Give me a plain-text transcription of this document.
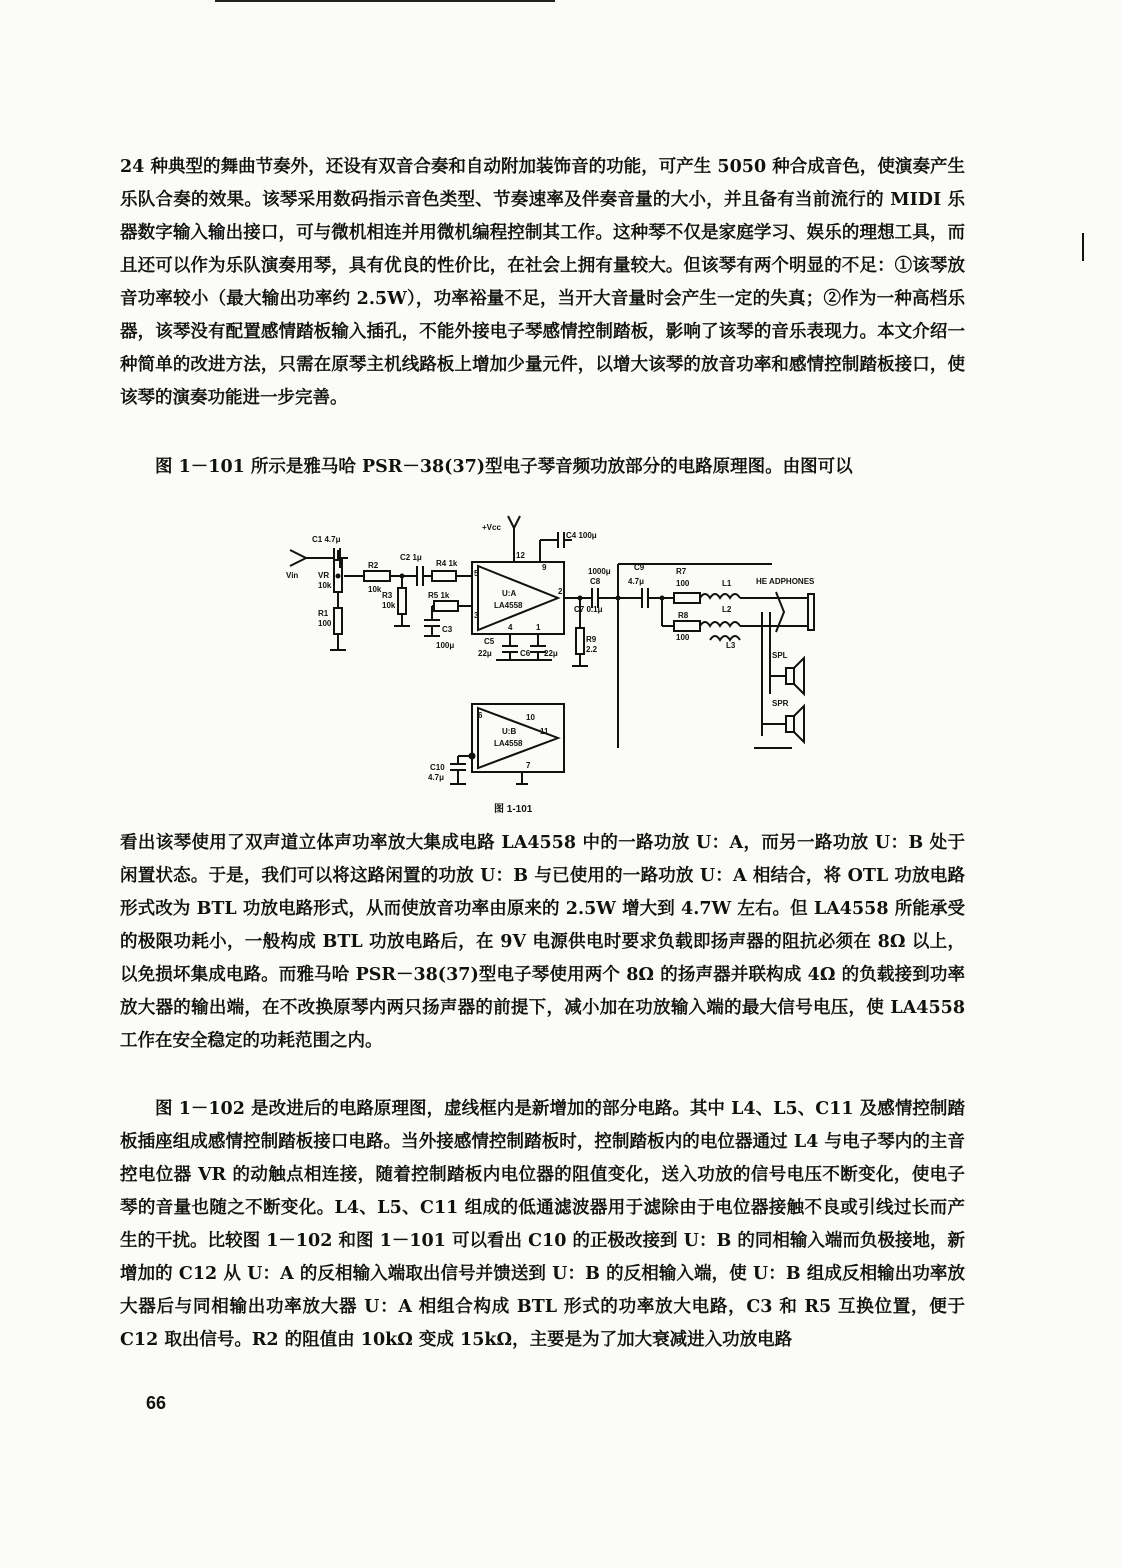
24 种典型的舞曲节奏外，还设有双音合奏和自动附加装饰音的功能，可产生 5050 种合成音色，使演奏产生乐队合奏的效果。该琴采用数码指示音色类型、节奏速率及伴奏音量的大小，并且备有当前流行的 MIDI 乐器数字输入输出接口，可与微机相连并用微机编程控制其工作。这种琴不仅是家庭学习、娱乐的理想工具，而且还可以作为乐队演奏用琴，具有优良的性价比，在社会上拥有量较大。但该琴有两个明显的不足：①该琴放音功率较小（最大输出功率约 2.5W），功率裕量不足，当开大音量时会产生一定的失真；②作为一种高档乐器，该琴没有配置感情踏板输入插孔，不能外接电子琴感情控制踏板，影响了该琴的音乐表现力。本文介绍一种简单的改进方法，只需在原琴主机线路板上增加少量元件，以增大该琴的放音功率和感情控制踏板接口，使该琴的演奏功能进一步完善。

图 1－101 所示是雅马哈 PSR－38(37)型电子琴音频功放部分的电路原理图。由图可以

+Vcc
C1 4.7μ
Vin VR
10k
R1
100
R2
10k
C2 1μ
R4 1k
R3
10k
R5 1k
C3
100μ
C4 100μ
U:A
LA4558
C5
22μ	C6 22μ
1000μ
C8
C7 0.1μ
R9
2.2
C9
4.7μ
R7
100
R8
100
L1
L2
L3
HE ADPHONES
SPL
SPR
U:B
LA4558
C10
4.7μ
12
9
2
5
3
4	1
6	10
11
7
图 1-101

看出该琴使用了双声道立体声功率放大集成电路 LA4558 中的一路功放 U：A，而另一路功放 U：B 处于闲置状态。于是，我们可以将这路闲置的功放 U：B 与已使用的一路功放 U：A 相结合，将 OTL 功放电路形式改为 BTL 功放电路形式，从而使放音功率由原来的 2.5W 增大到 4.7W 左右。但 LA4558 所能承受的极限功耗小，一般构成 BTL 功放电路后，在 9V 电源供电时要求负载即扬声器的阻抗必须在 8Ω 以上，以免损坏集成电路。而雅马哈 PSR－38(37)型电子琴使用两个 8Ω 的扬声器并联构成 4Ω 的负载接到功率放大器的输出端，在不改换原琴内两只扬声器的前提下，减小加在功放输入端的最大信号电压，使 LA4558 工作在安全稳定的功耗范围之内。

图 1－102 是改进后的电路原理图，虚线框内是新增加的部分电路。其中 L4、L5、C11 及感情控制踏板插座组成感情控制踏板接口电路。当外接感情控制踏板时，控制踏板内的电位器通过 L4 与电子琴内的主音控电位器 VR 的动触点相连接，随着控制踏板内电位器的阻值变化，送入功放的信号电压不断变化，使电子琴的音量也随之不断变化。L4、L5、C11 组成的低通滤波器用于滤除由于电位器接触不良或引线过长而产生的干扰。比较图 1－102 和图 1－101 可以看出 C10 的正极改接到 U：B 的同相输入端而负极接地，新增加的 C12 从 U：A 的反相输入端取出信号并馈送到 U：B 的反相输入端，使 U：B 组成反相输出功率放大器后与同相输出功率放大器 U：A 相组合构成 BTL 形式的功率放大电路，C3 和 R5 互换位置，便于 C12 取出信号。R2 的阻值由 10kΩ 变成 15kΩ，主要是为了加大衰减进入功放电路

66
